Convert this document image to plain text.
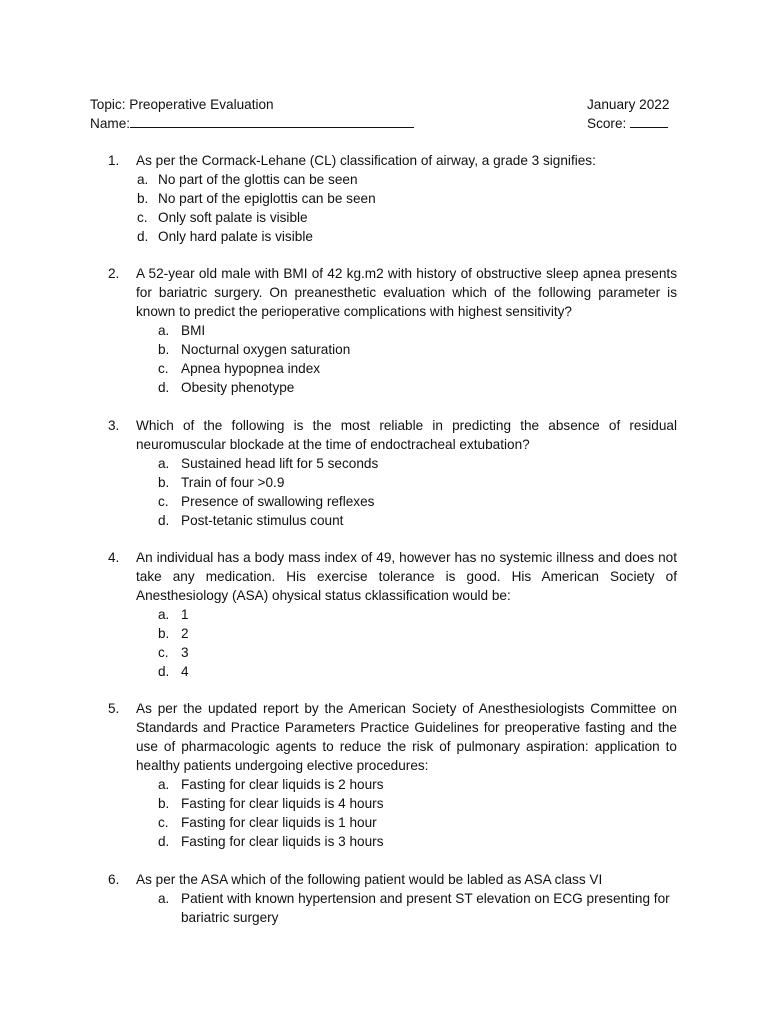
Topic: Preoperative Evaluation	January 2022
Name:	Score:
1.	As per the Cormack-Lehane (CL) classification of airway, a grade 3 signifies:
a. No part of the glottis can be seen
b. No part of the epiglottis can be seen
c. Only soft palate is visible
d. Only hard palate is visible
2.	A 52-year old male with BMI of 42 kg.m2 with history of obstructive sleep apnea presents for bariatric surgery. On preanesthetic evaluation which of the following parameter is known to predict the perioperative complications with highest sensitivity?
a. BMI
b. Nocturnal oxygen saturation
c. Apnea hypopnea index
d. Obesity phenotype
3.	Which of the following is the most reliable in predicting the absence of residual neuromuscular blockade at the time of endoctracheal extubation?
a. Sustained head lift for 5 seconds
b. Train of four >0.9
c. Presence of swallowing reflexes
d. Post-tetanic stimulus count
4.	An individual has a body mass index of 49, however has no systemic illness and does not take any medication. His exercise tolerance is good. His American Society of Anesthesiology (ASA) ohysical status cklassification would be:
a. 1
b. 2
c. 3
d. 4
5.	As per the updated report by the American Society of Anesthesiologists Committee on Standards and Practice Parameters Practice Guidelines for preoperative fasting and the use of pharmacologic agents to reduce the risk of pulmonary aspiration: application to healthy patients undergoing elective procedures:
a. Fasting for clear liquids is 2 hours
b. Fasting for clear liquids is 4 hours
c. Fasting for clear liquids is 1 hour
d. Fasting for clear liquids is 3 hours
6.	As per the ASA which of the following patient would be labled as ASA class VI
a. Patient with known hypertension and present ST elevation on ECG presenting for bariatric surgery
